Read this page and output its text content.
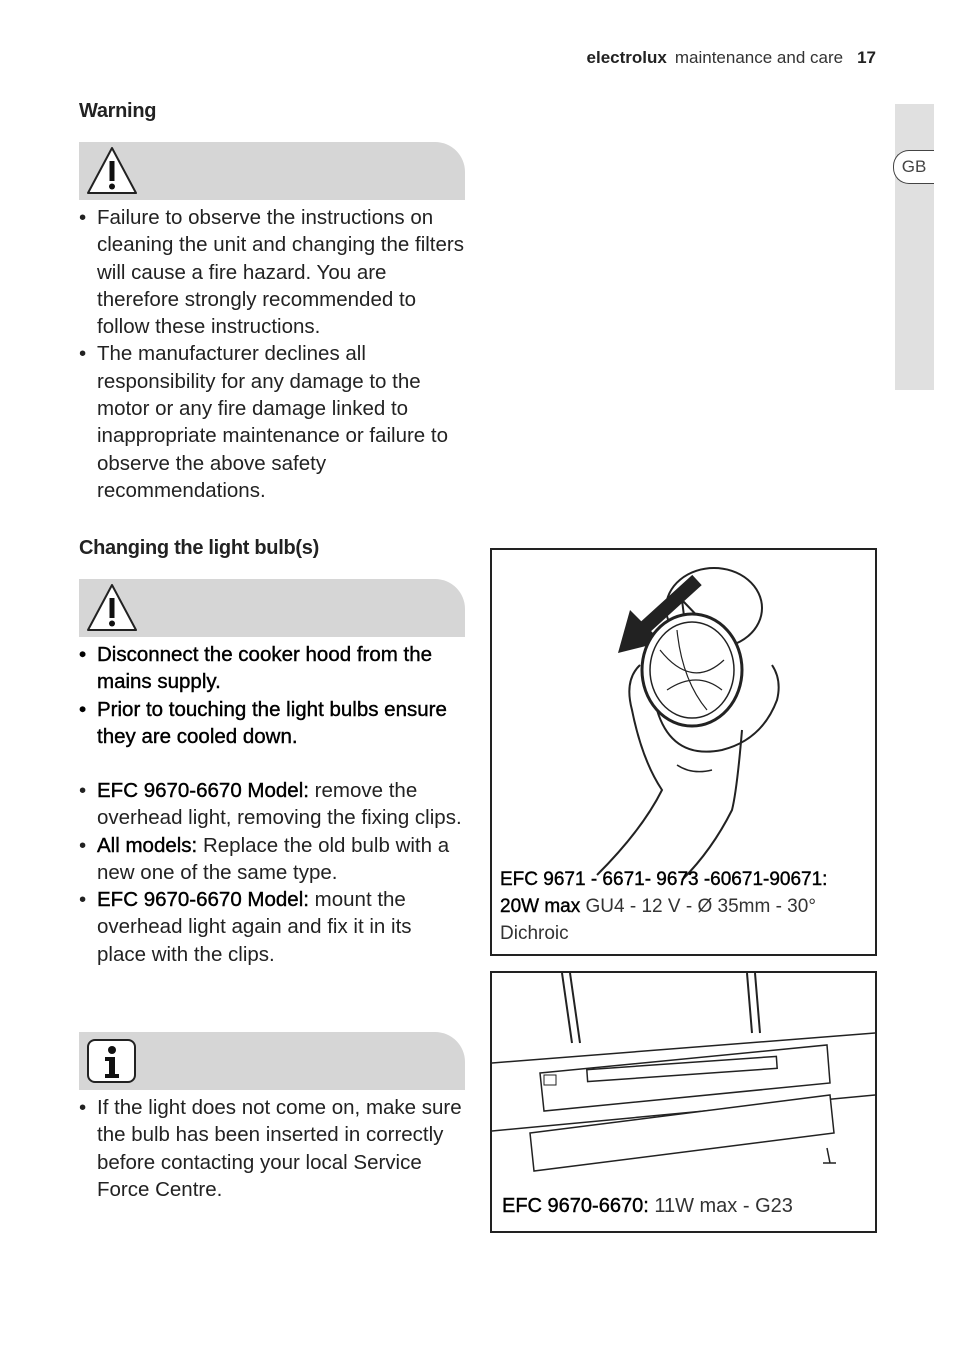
electrolux maintenance and care 17
GB
Warning
• Failure to observe the instructions on cleaning the unit and changing the filters will cause a fire hazard. You are therefore strongly recommended to follow these instructions.
• The manufacturer declines all responsibility for any damage to the motor or any fire damage linked to inappropriate maintenance or failure to observe the above safety recommendations.
Changing the light bulb(s)
• Disconnect the cooker hood from the mains supply.
• Prior to touching the light bulbs ensure they are cooled down.
• EFC 9670-6670 Model: remove the overhead light, removing the fixing clips.
• All models: Replace the old bulb with a new one of the same type.
• EFC 9670-6670 Model: mount the overhead light again and fix it in its place with the clips.
• If the light does not come on, make sure the bulb has been inserted in correctly before contacting your local Service Force Centre.
EFC 9671 - 6671- 9673 -60671-90671: 20W max GU4 - 12 V - Ø 35mm - 30° Dichroic
EFC 9670-6670: 11W max - G23
